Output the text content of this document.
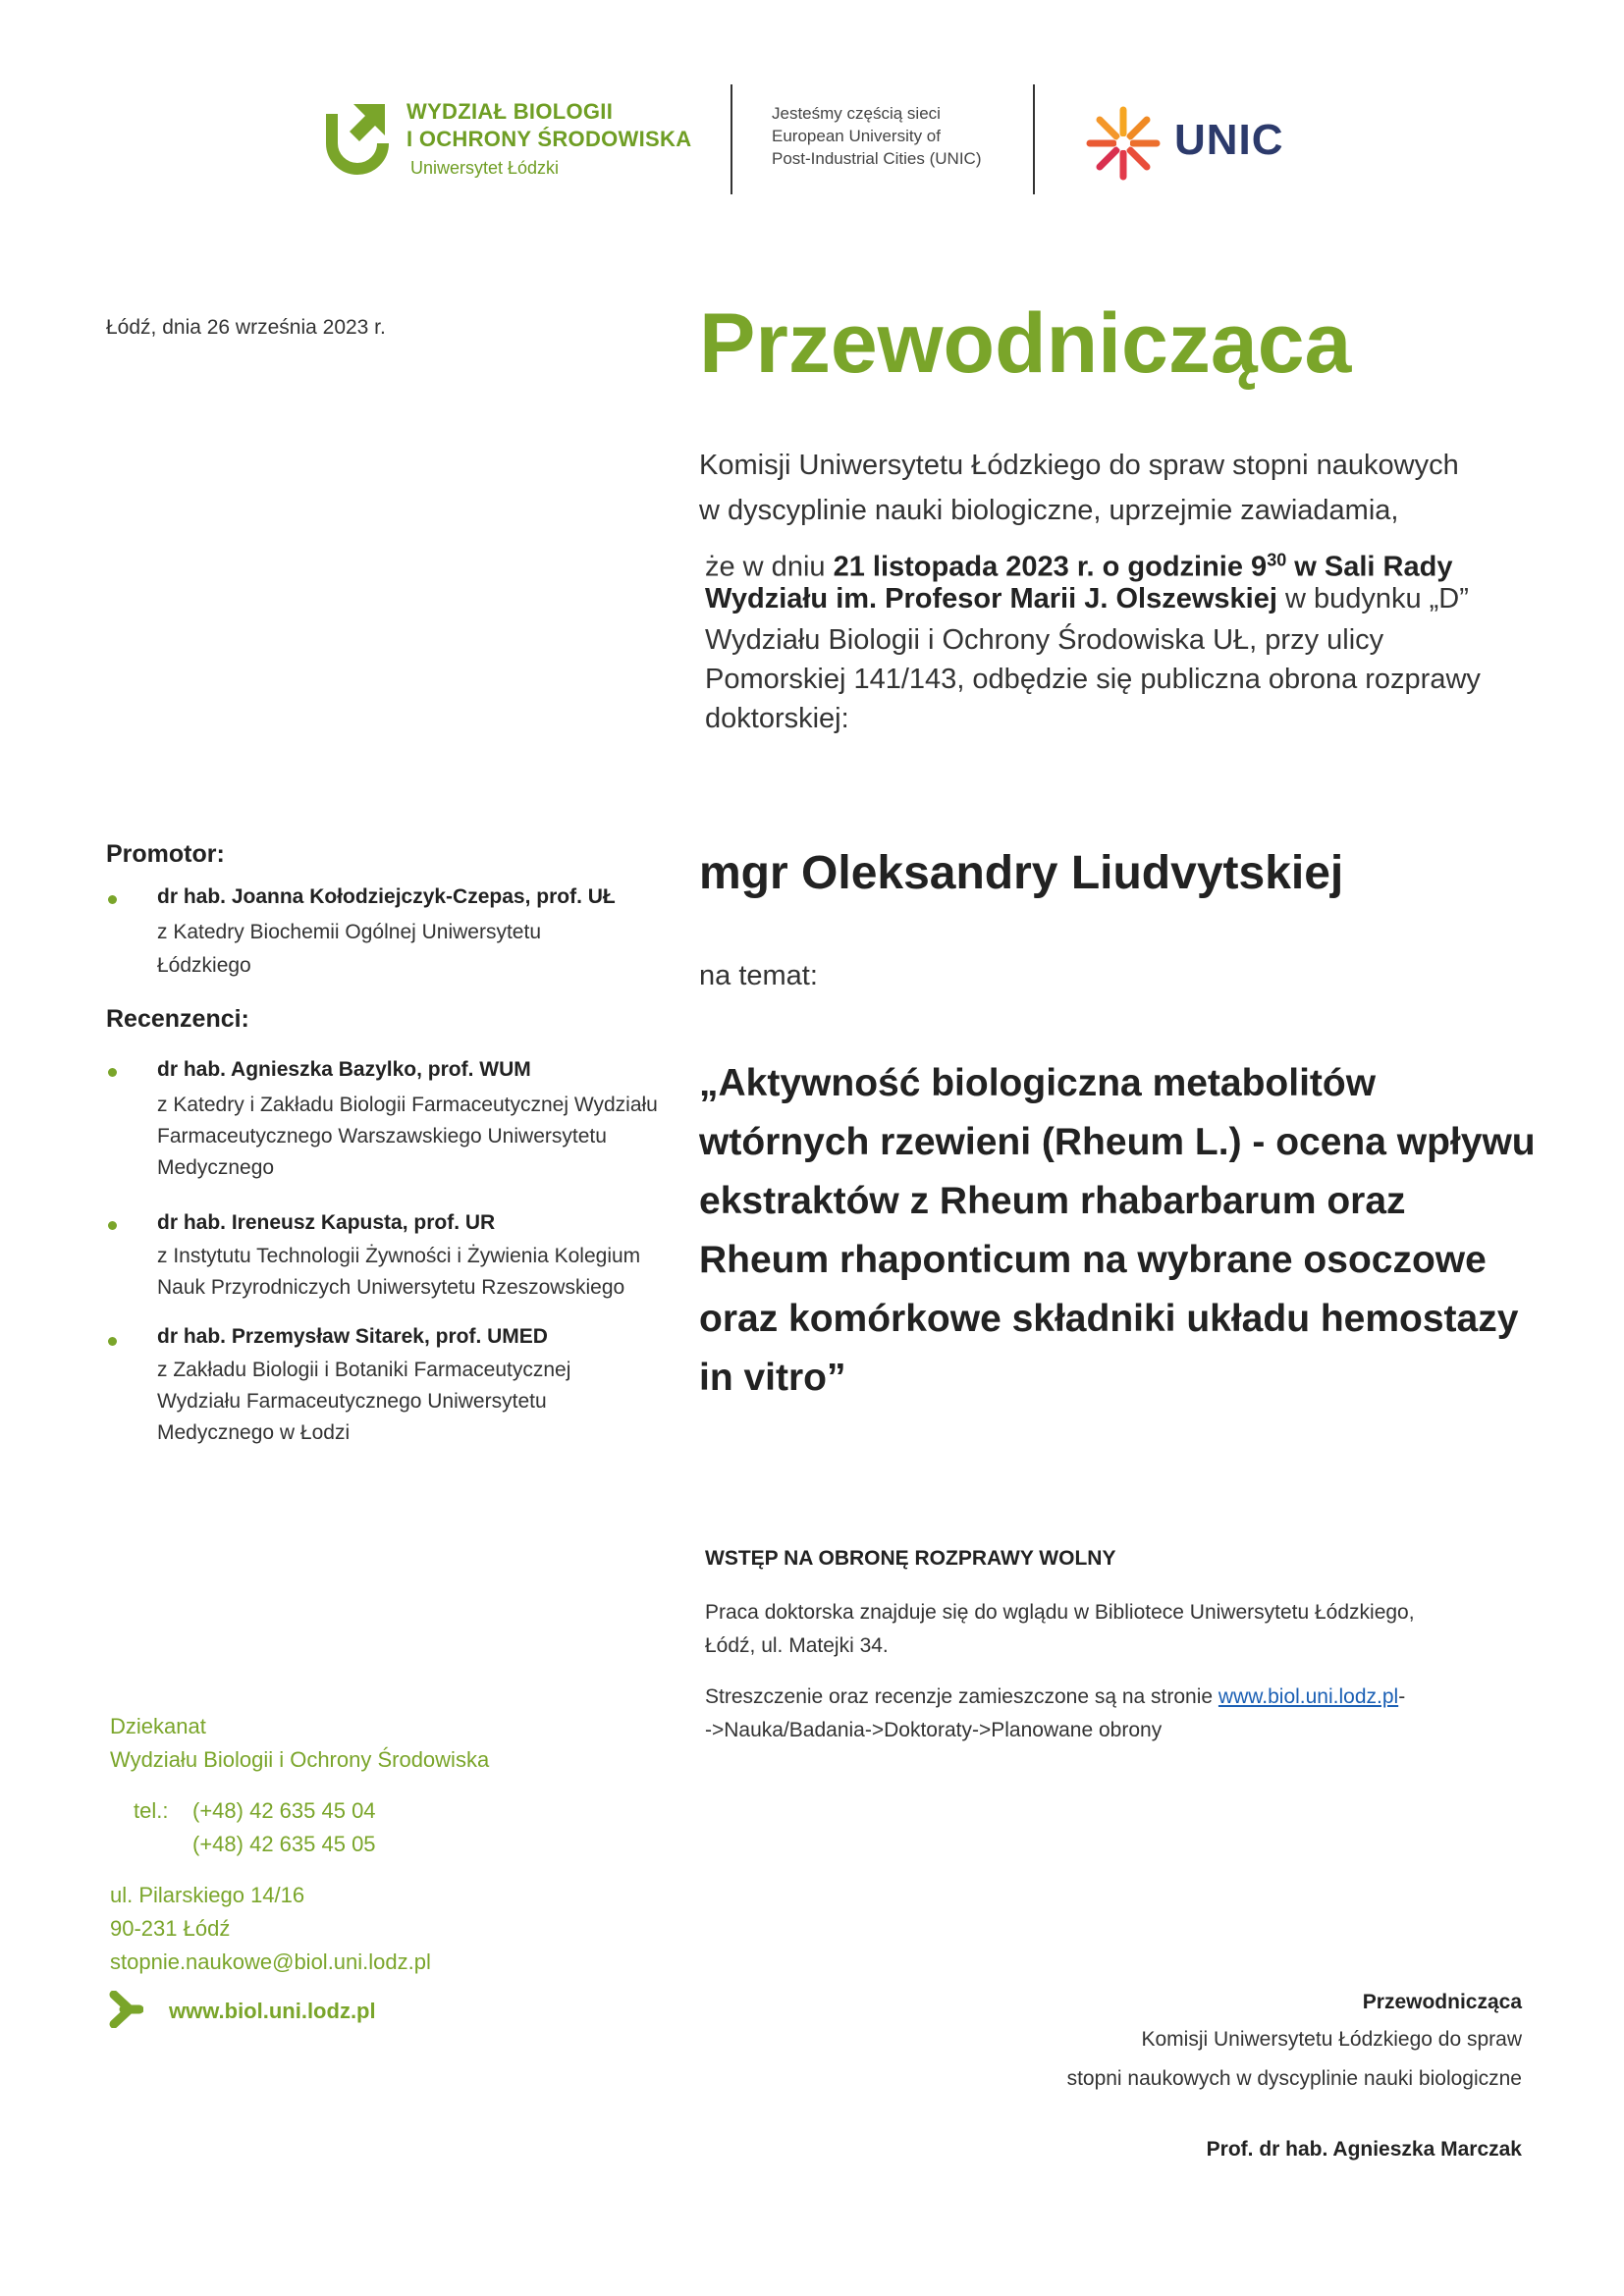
WYDZIAŁ BIOLOGII
I OCHRONY ŚRODOWISKA
Uniwersytet Łódzki
Jesteśmy częścią sieci
European University of
Post-Industrial Cities (UNIC)	UNIC
Łódź, dnia 26 września 2023 r.	Przewodnicząca
Komisji Uniwersytetu Łódzkiego do spraw stopni naukowych
w dyscyplinie nauki biologiczne, uprzejmie zawiadamia,
że w dniu 21 listopada 2023 r. o godzinie $9^{30}$ w Sali Rady
Wydziału im. Profesor Marii J. Olszewskiej w budynku „D”
Wydziału Biologii i Ochrony Środowiska UŁ, przy ulicy
Pomorskiej 141/143, odbędzie się publiczna obrona rozprawy
doktorskiej:
Promotor:
dr hab. Joanna Kołodziejczyk-Czepas, prof. UŁ
z Katedry Biochemii Ogólnej Uniwersytetu
Łódzkiego
Recenzenci:
dr hab. Agnieszka Bazylko, prof. WUM
z Katedry i Zakładu Biologii Farmaceutycznej Wydziału
Farmaceutycznego Warszawskiego Uniwersytetu
Medycznego
dr hab. Ireneusz Kapusta, prof. UR
z Instytutu Technologii Żywności i Żywienia Kolegium
Nauk Przyrodniczych Uniwersytetu Rzeszowskiego
dr hab. Przemysław Sitarek, prof. UMED
z Zakładu Biologii i Botaniki Farmaceutycznej
Wydziału Farmaceutycznego Uniwersytetu
Medycznego w Łodzi
mgr Oleksandry Liudvytskiej
na temat:
„Aktywność biologiczna metabolitów
wtórnych rzewieni (Rheum L.) - ocena wpływu
ekstraktów z Rheum rhabarbarum oraz
Rheum rhaponticum na wybrane osoczowe
oraz komórkowe składniki układu hemostazy
in vitro”
WSTĘP NA OBRONĘ ROZPRAWY WOLNY
Praca doktorska znajduje się do wglądu w Bibliotece Uniwersytetu Łódzkiego,
Łódź, ul. Matejki 34.
Streszczenie oraz recenzje zamieszczone są na stronie www.biol.uni.lodz.pl-
->Nauka/Badania->Doktoraty->Planowane obrony
Dziekanat
Wydziału Biologii i Ochrony Środowiska
tel.: (+48) 42 635 45 04
(+48) 42 635 45 05
ul. Pilarskiego 14/16
90-231 Łódź
stopnie.naukowe@biol.uni.lodz.pl
www.biol.uni.lodz.pl	Przewodnicząca
Komisji Uniwersytetu Łódzkiego do spraw
stopni naukowych w dyscyplinie nauki biologiczne
Prof. dr hab. Agnieszka Marczak
